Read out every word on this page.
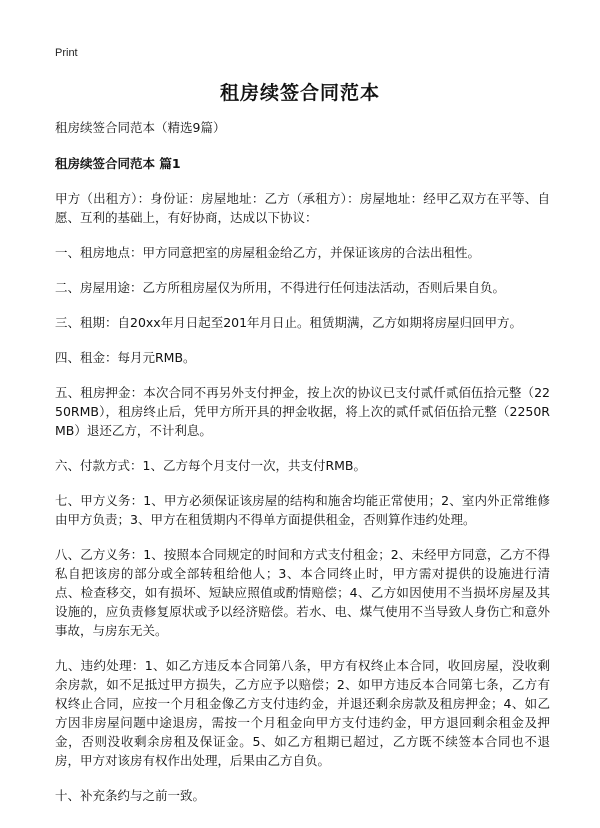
Print
租房续签合同范本

租房续签合同范本（精选9篇）

租房续签合同范本 篇1

甲方（出租方）：身份证：房屋地址：乙方（承租方）：房屋地址：经甲乙双方在平等、自愿、互利的基础上，有好协商，达成以下协议：

一、租房地点：甲方同意把室的房屋租金给乙方，并保证该房的合法出租性。

二、房屋用途：乙方所租房屋仅为所用，不得进行任何违法活动，否则后果自负。

三、租期：自20xx年月日起至201年月日止。租赁期满，乙方如期将房屋归回甲方。

四、租金：每月元RMB。

五、租房押金：本次合同不再另外支付押金，按上次的协议已支付贰仟贰佰伍拾元整（2250RMB），租房终止后，凭甲方所开具的押金收据，将上次的贰仟贰佰伍拾元整（2250RMB）退还乙方，不计利息。

六、付款方式：1、乙方每个月支付一次，共支付RMB。

七、甲方义务：1、甲方必须保证该房屋的结构和施舍均能正常使用；2、室内外正常维修由甲方负责；3、甲方在租赁期内不得单方面提供租金，否则算作违约处理。

八、乙方义务：1、按照本合同规定的时间和方式支付租金；2、未经甲方同意，乙方不得私自把该房的部分或全部转租给他人；3、本合同终止时，甲方需对提供的设施进行清点、检查移交，如有损坏、短缺应照值或酌情赔偿；4、乙方如因使用不当损坏房屋及其设施的，应负责修复原状或予以经济赔偿。若水、电、煤气使用不当导致人身伤亡和意外事故，与房东无关。

九、违约处理：1、如乙方违反本合同第八条，甲方有权终止本合同，收回房屋，没收剩余房款，如不足抵过甲方损失，乙方应予以赔偿；2、如甲方违反本合同第七条，乙方有权终止合同，应按一个月租金像乙方支付违约金，并退还剩余房款及租房押金；4、如乙方因非房屋问题中途退房，需按一个月租金向甲方支付违约金，甲方退回剩余租金及押金，否则没收剩余房租及保证金。5、如乙方租期已超过，乙方既不续签本合同也不退房，甲方对该房有权作出处理，后果由乙方自负。

十、补充条约与之前一致。
